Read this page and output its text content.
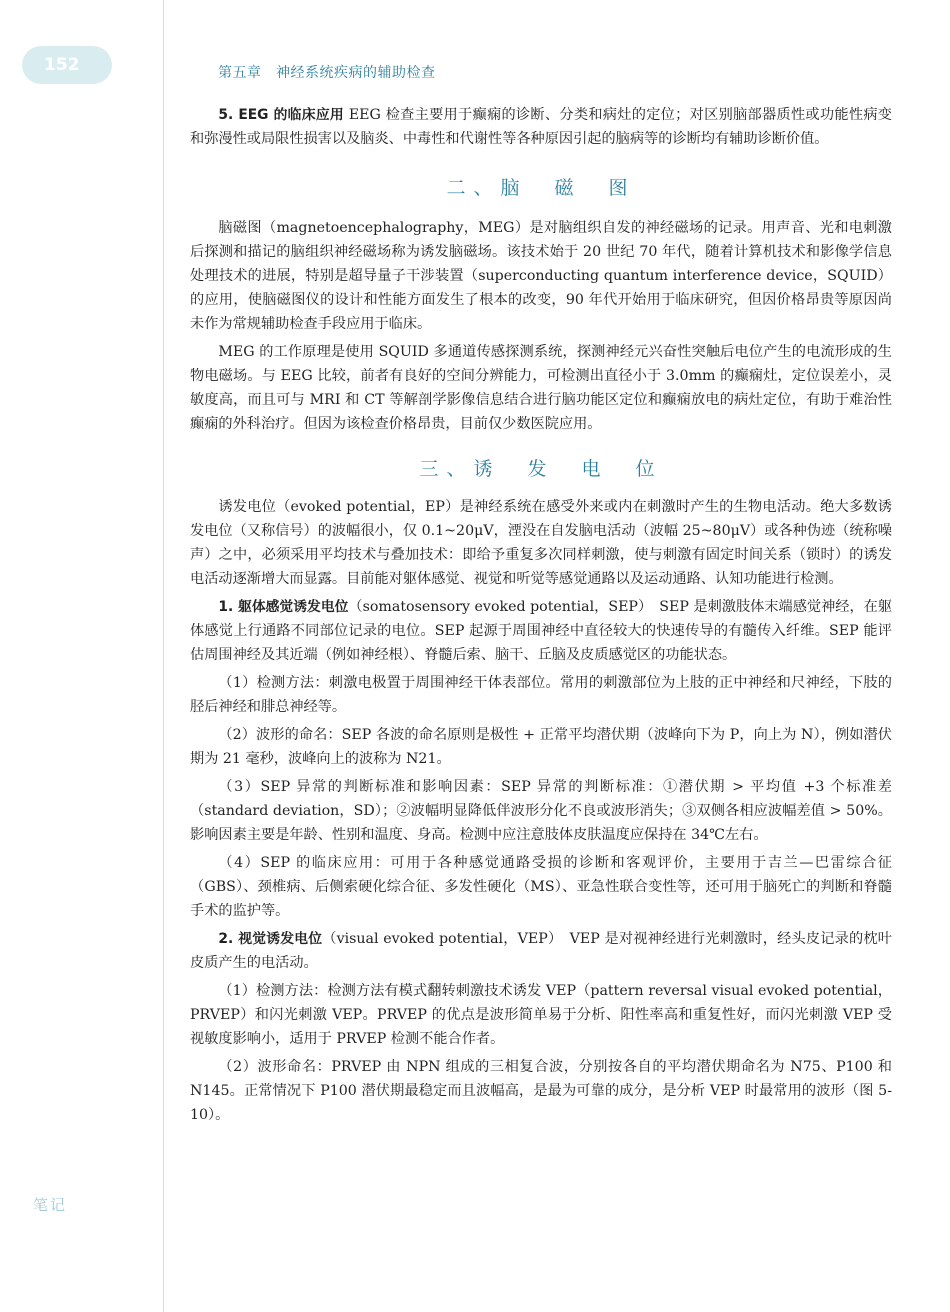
152	第五章　神经系统疾病的辅助检查
笔记

5. EEG 的临床应用 EEG 检查主要用于癫痫的诊断、分类和病灶的定位；对区别脑部器质性或功能性病变和弥漫性或局限性损害以及脑炎、中毒性和代谢性等各种原因引起的脑病等的诊断均有辅助诊断价值。

二、脑　磁　图

脑磁图（magnetoencephalography，MEG）是对脑组织自发的神经磁场的记录。用声音、光和电刺激后探测和描记的脑组织神经磁场称为诱发脑磁场。该技术始于 20 世纪 70 年代，随着计算机技术和影像学信息处理技术的进展，特别是超导量子干涉装置（superconducting quantum interference device，SQUID）的应用，使脑磁图仪的设计和性能方面发生了根本的改变，90 年代开始用于临床研究，但因价格昂贵等原因尚未作为常规辅助检查手段应用于临床。

MEG 的工作原理是使用 SQUID 多通道传感探测系统，探测神经元兴奋性突触后电位产生的电流形成的生物电磁场。与 EEG 比较，前者有良好的空间分辨能力，可检测出直径小于 3.0mm 的癫痫灶，定位误差小，灵敏度高，而且可与 MRI 和 CT 等解剖学影像信息结合进行脑功能区定位和癫痫放电的病灶定位，有助于难治性癫痫的外科治疗。但因为该检查价格昂贵，目前仅少数医院应用。

三、诱　发　电　位

诱发电位（evoked potential，EP）是神经系统在感受外来或内在刺激时产生的生物电活动。绝大多数诱发电位（又称信号）的波幅很小，仅 0.1~20μV，湮没在自发脑电活动（波幅 25~80μV）或各种伪迹（统称噪声）之中，必须采用平均技术与叠加技术：即给予重复多次同样刺激，使与刺激有固定时间关系（锁时）的诱发电活动逐渐增大而显露。目前能对躯体感觉、视觉和听觉等感觉通路以及运动通路、认知功能进行检测。

1. 躯体感觉诱发电位（somatosensory evoked potential，SEP）　SEP 是刺激肢体末端感觉神经，在躯体感觉上行通路不同部位记录的电位。SEP 起源于周围神经中直径较大的快速传导的有髓传入纤维。SEP 能评估周围神经及其近端（例如神经根）、脊髓后索、脑干、丘脑及皮质感觉区的功能状态。

（1）检测方法：刺激电极置于周围神经干体表部位。常用的刺激部位为上肢的正中神经和尺神经，下肢的胫后神经和腓总神经等。

（2）波形的命名：SEP 各波的命名原则是极性 + 正常平均潜伏期（波峰向下为 P，向上为 N），例如潜伏期为 21 毫秒，波峰向上的波称为 N21。

（3）SEP 异常的判断标准和影响因素：SEP 异常的判断标准：①潜伏期 > 平均值 +3 个标准差（standard deviation，SD）；②波幅明显降低伴波形分化不良或波形消失；③双侧各相应波幅差值 > 50%。影响因素主要是年龄、性别和温度、身高。检测中应注意肢体皮肤温度应保持在 34℃左右。

（4）SEP 的临床应用：可用于各种感觉通路受损的诊断和客观评价，主要用于吉兰—巴雷综合征（GBS）、颈椎病、后侧索硬化综合征、多发性硬化（MS）、亚急性联合变性等，还可用于脑死亡的判断和脊髓手术的监护等。

2. 视觉诱发电位（visual evoked potential，VEP）　VEP 是对视神经进行光刺激时，经头皮记录的枕叶皮质产生的电活动。

（1）检测方法：检测方法有模式翻转刺激技术诱发 VEP（pattern reversal visual evoked potential，PRVEP）和闪光刺激 VEP。PRVEP 的优点是波形简单易于分析、阳性率高和重复性好，而闪光刺激 VEP 受视敏度影响小，适用于 PRVEP 检测不能合作者。

（2）波形命名：PRVEP 由 NPN 组成的三相复合波，分别按各自的平均潜伏期命名为 N75、P100 和 N145。正常情况下 P100 潜伏期最稳定而且波幅高，是最为可靠的成分，是分析 VEP 时最常用的波形（图 5-10）。
